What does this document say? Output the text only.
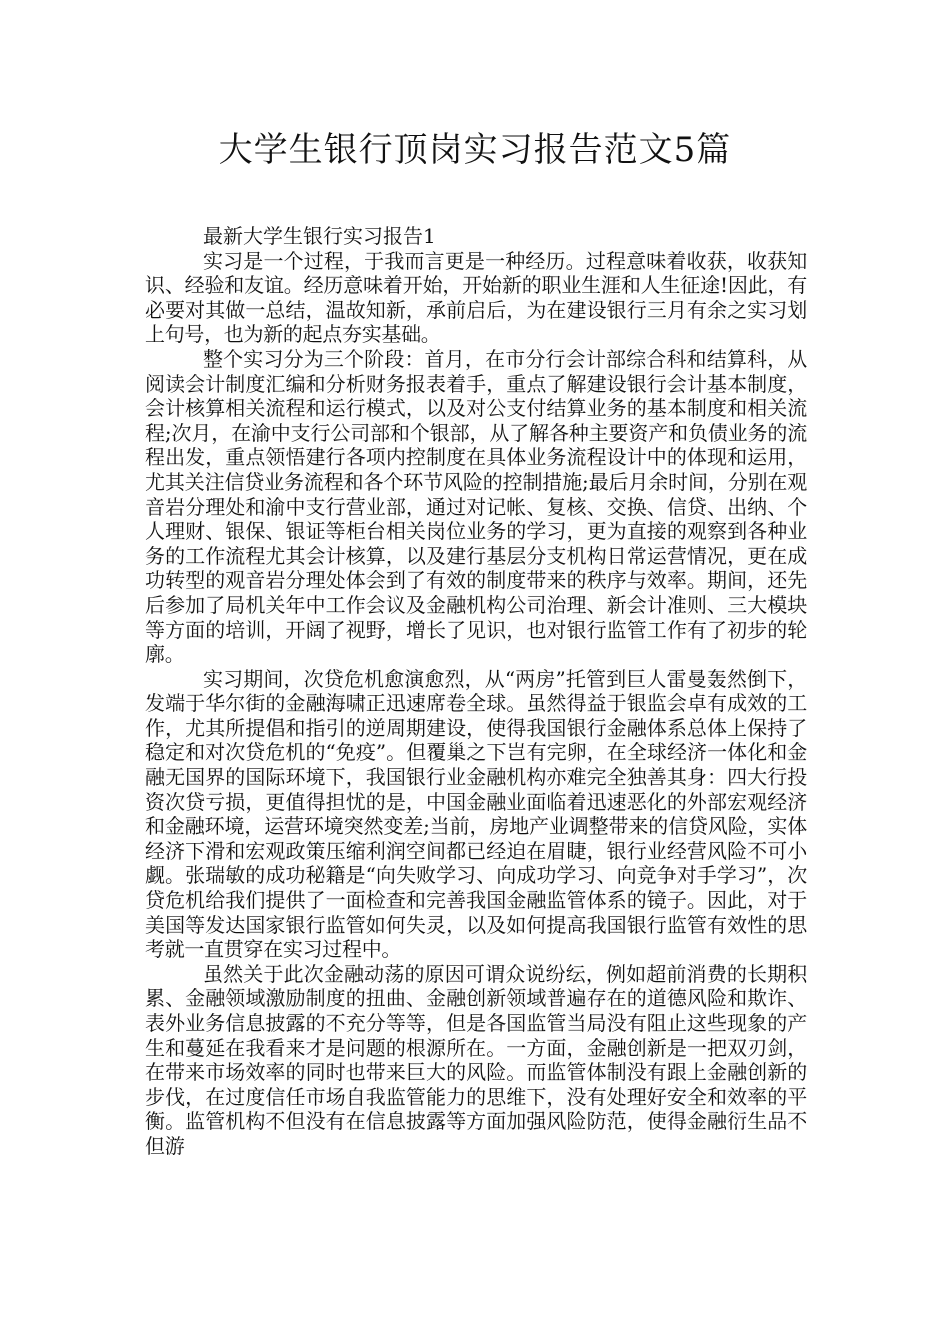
大学生银行顶岗实习报告范文5篇

最新大学生银行实习报告1

实习是一个过程，于我而言更是一种经历。过程意味着收获，收获知识、经验和友谊。经历意味着开始，开始新的职业生涯和人生征途!因此，有必要对其做一总结，温故知新，承前启后，为在建设银行三月有余之实习划上句号，也为新的起点夯实基础。

整个实习分为三个阶段：首月，在市分行会计部综合科和结算科，从阅读会计制度汇编和分析财务报表着手，重点了解建设银行会计基本制度，会计核算相关流程和运行模式，以及对公支付结算业务的基本制度和相关流程;次月，在渝中支行公司部和个银部，从了解各种主要资产和负债业务的流程出发，重点领悟建行各项内控制度在具体业务流程设计中的体现和运用，尤其关注信贷业务流程和各个环节风险的控制措施;最后月余时间，分别在观音岩分理处和渝中支行营业部，通过对记帐、复核、交换、信贷、出纳、个人理财、银保、银证等柜台相关岗位业务的学习，更为直接的观察到各种业务的工作流程尤其会计核算，以及建行基层分支机构日常运营情况，更在成功转型的观音岩分理处体会到了有效的制度带来的秩序与效率。期间，还先后参加了局机关年中工作会议及金融机构公司治理、新会计准则、三大模块等方面的培训，开阔了视野，增长了见识，也对银行监管工作有了初步的轮廓。

实习期间，次贷危机愈演愈烈，从“两房”托管到巨人雷曼轰然倒下，发端于华尔街的金融海啸正迅速席卷全球。虽然得益于银监会卓有成效的工作，尤其所提倡和指引的逆周期建设，使得我国银行金融体系总体上保持了稳定和对次贷危机的“免疫”。但覆巢之下岂有完卵，在全球经济一体化和金融无国界的国际环境下，我国银行业金融机构亦难完全独善其身：四大行投资次贷亏损，更值得担忧的是，中国金融业面临着迅速恶化的外部宏观经济和金融环境，运营环境突然变差;当前，房地产业调整带来的信贷风险，实体经济下滑和宏观政策压缩利润空间都已经迫在眉睫，银行业经营风险不可小觑。张瑞敏的成功秘籍是“向失败学习、向成功学习、向竞争对手学习”，次贷危机给我们提供了一面检查和完善我国金融监管体系的镜子。因此，对于美国等发达国家银行监管如何失灵，以及如何提高我国银行监管有效性的思考就一直贯穿在实习过程中。

虽然关于此次金融动荡的原因可谓众说纷纭，例如超前消费的长期积累、金融领域激励制度的扭曲、金融创新领域普遍存在的道德风险和欺诈、表外业务信息披露的不充分等等，但是各国监管当局没有阻止这些现象的产生和蔓延在我看来才是问题的根源所在。一方面，金融创新是一把双刃剑，在带来市场效率的同时也带来巨大的风险。而监管体制没有跟上金融创新的步伐，在过度信任市场自我监管能力的思维下，没有处理好安全和效率的平衡。监管机构不但没有在信息披露等方面加强风险防范，使得金融衍生品不但游
